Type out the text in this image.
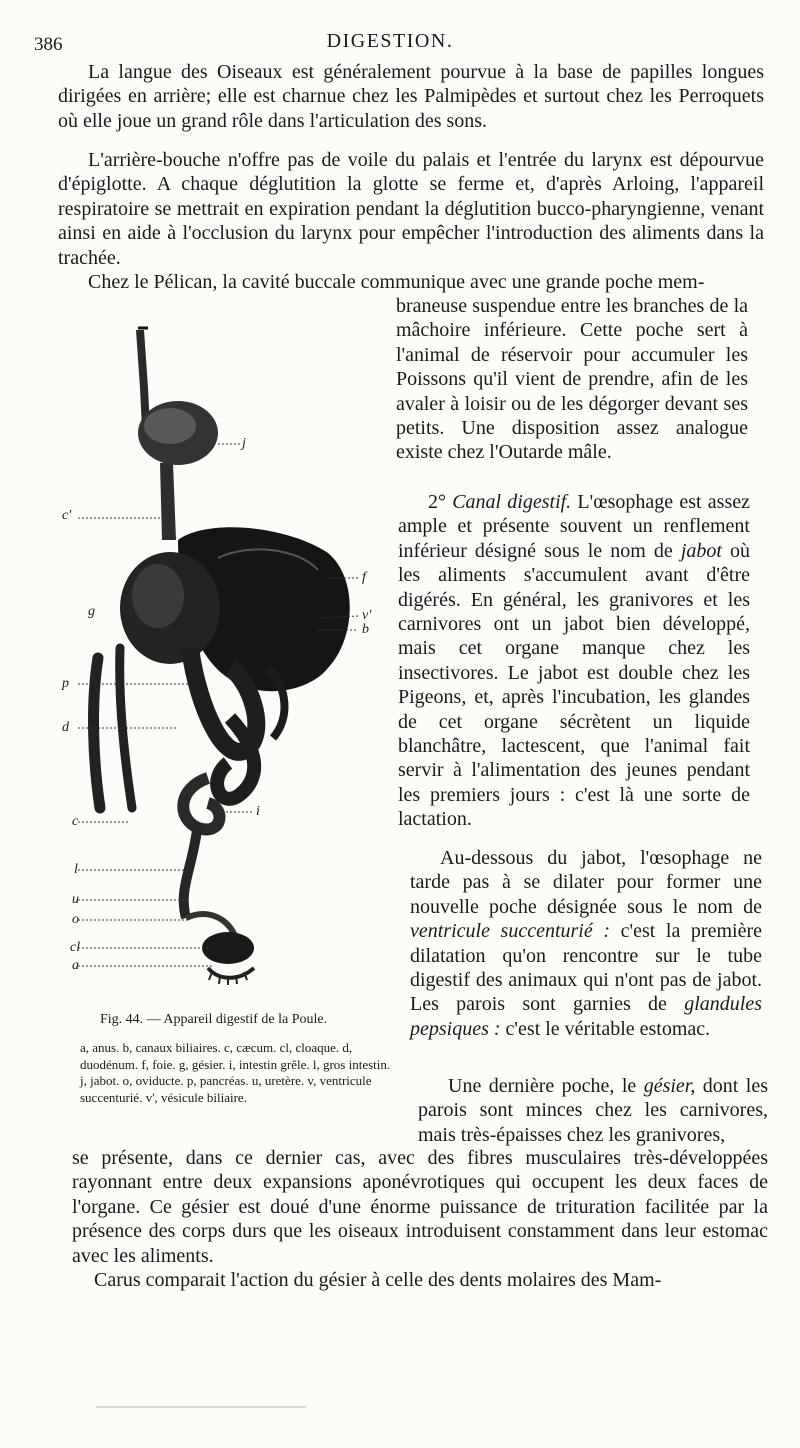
386	DIGESTION.

La langue des Oiseaux est généralement pourvue à la base de papilles longues dirigées en arrière; elle est charnue chez les Palmipèdes et surtout chez les Perroquets où elle joue un grand rôle dans l'articulation des sons.

L'arrière-bouche n'offre pas de voile du palais et l'entrée du larynx est dépourvue d'épiglotte. A chaque déglutition la glotte se ferme et, d'après Arloing, l'appareil respiratoire se mettrait en expiration pendant la déglutition bucco-pharyngienne, venant ainsi en aide à l'occlusion du larynx pour empêcher l'introduction des aliments dans la trachée.

Chez le Pélican, la cavité buccale communique avec une grande poche mem-

braneuse suspendue entre les branches de la mâchoire inférieure. Cette poche sert à l'animal de réservoir pour accumuler les Poissons qu'il vient de prendre, afin de les avaler à loisir ou de les dégorger devant ses petits. Une disposition assez analogue existe chez l'Outarde mâle.

2° Canal digestif. L'œsophage est assez ample et présente souvent un renflement inférieur désigné sous le nom de jabot où les aliments s'accumulent avant d'être digérés. En général, les granivores et les carnivores ont un jabot bien développé, mais cet organe manque chez les insectivores. Le jabot est double chez les Pigeons, et, après l'incubation, les glandes de cet organe sécrètent un liquide blanchâtre, lactescent, que l'animal fait servir à l'alimentation des jeunes pendant les premiers jours : c'est là une sorte de lactation.

Au-dessous du jabot, l'œsophage ne tarde pas à se dilater pour former une nouvelle poche désignée sous le nom de ventricule succenturié : c'est la première dilatation qu'on rencontre sur le tube digestif des animaux qui n'ont pas de jabot. Les parois sont garnies de glandules pepsiques : c'est le véritable estomac.

Une dernière poche, le gésier, dont les parois sont minces chez les carnivores, mais très-épaisses chez les granivores,

se présente, dans ce dernier cas, avec des fibres musculaires très-développées rayonnant entre deux expansions aponévrotiques qui occupent les deux faces de l'organe. Ce gésier est doué d'une énorme puissance de trituration facilitée par la présence des corps durs que les oiseaux introduisent constamment dans leur estomac avec les aliments.

Carus comparait l'action du gésier à celle des dents molaires des Mam-

j
c'
f
g	v'
b
p
d
i
c
l
u
o
cl
a
Fig. 44. — Appareil digestif de la Poule.
a, anus. b, canaux biliaires. c, cæcum. cl, cloaque. d, duodénum. f, foie. g, gésier. i, intestin grêle. l, gros intestin. j, jabot. o, oviducte. p, pancréas. u, uretère. v, ventricule succenturié. v', vésicule biliaire.
